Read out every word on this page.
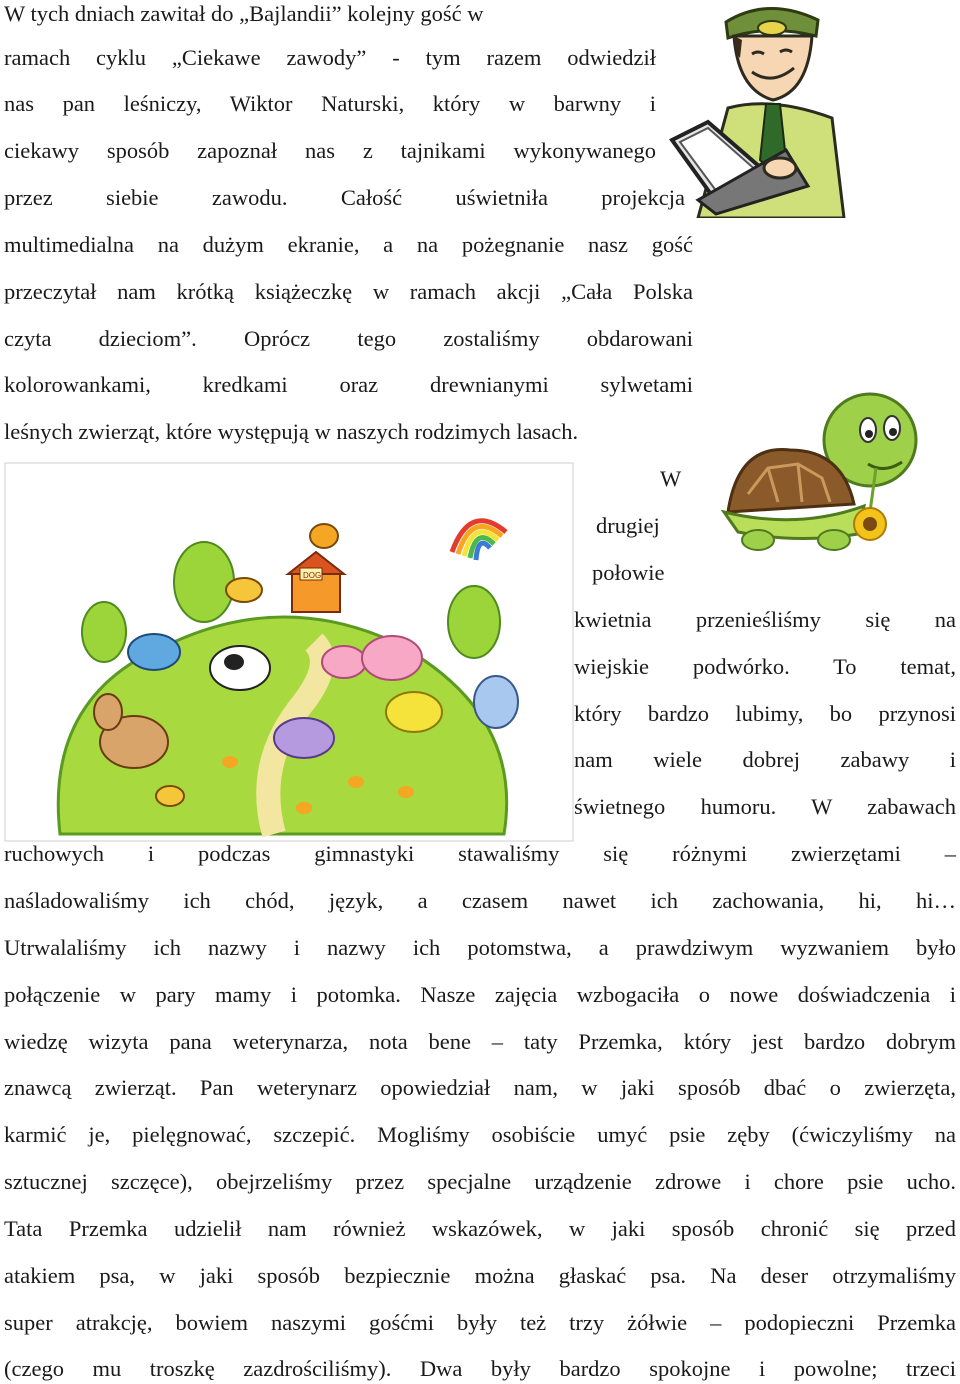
DOG
W tych dniach zawitał do „Bajlandii” kolejny gość w
ramach cyklu „Ciekawe zawody” - tym razem odwiedził
nas pan leśniczy, Wiktor Naturski, który w barwny i
ciekawy sposób zapoznał nas z tajnikami wykonywanego
przez siebie zawodu. Całość uświetniła projekcja
multimedialna na dużym ekranie, a na pożegnanie nasz gość
przeczytał nam krótką książeczkę w ramach akcji „Cała Polska
czyta dzieciom”. Oprócz tego zostaliśmy obdarowani
kolorowankami, kredkami oraz drewnianymi sylwetami
leśnych zwierząt, które występują w naszych rodzimych lasach.
W
drugiej
połowie
kwietnia przenieśliśmy się na
wiejskie podwórko. To temat,
który bardzo lubimy, bo przynosi
nam wiele dobrej zabawy i
świetnego humoru. W zabawach
ruchowych i podczas gimnastyki stawaliśmy się różnymi zwierzętami –
naśladowaliśmy ich chód, język, a czasem nawet ich zachowania, hi, hi…
Utrwalaliśmy ich nazwy i nazwy ich potomstwa, a prawdziwym wyzwaniem było
połączenie w pary mamy i potomka. Nasze zajęcia wzbogaciła o nowe doświadczenia i
wiedzę wizyta pana weterynarza, nota bene – taty Przemka, który jest bardzo dobrym
znawcą zwierząt. Pan weterynarz opowiedział nam, w jaki sposób dbać o zwierzęta,
karmić je, pielęgnować, szczepić. Mogliśmy osobiście umyć psie zęby (ćwiczyliśmy na
sztucznej szczęce), obejrzeliśmy przez specjalne urządzenie zdrowe i chore psie ucho.
Tata Przemka udzielił nam również wskazówek, w jaki sposób chronić się przed
atakiem psa, w jaki sposób bezpiecznie można głaskać psa. Na deser otrzymaliśmy
super atrakcję, bowiem naszymi gośćmi były też trzy żółwie – podopieczni Przemka
(czego mu troszkę zazdrościliśmy). Dwa były bardzo spokojne i powolne; trzeci
